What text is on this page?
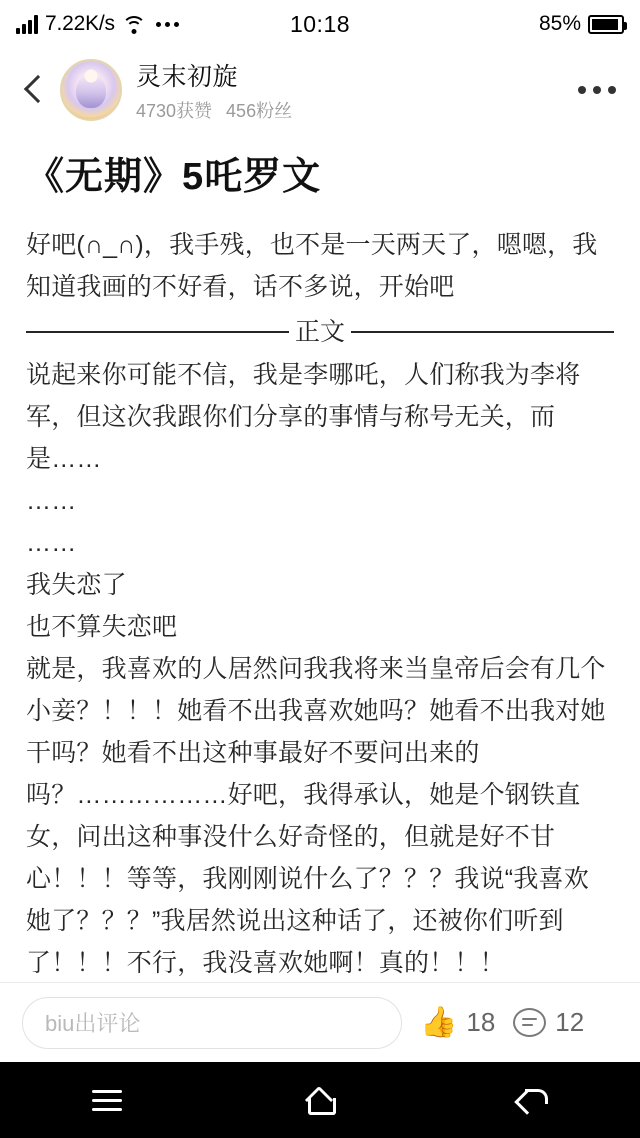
7.22K/s	10:18	85%
灵末初旋
4730获赞 456粉丝
《无期》5吒罗文
好吧(∩_∩)，我手残，也不是一天两天了，嗯嗯，我知道我画的不好看，话不多说，开始吧
正文
说起来你可能不信，我是李哪吒，人们称我为李将军，但这次我跟你们分享的事情与称号无关，而是……
……
……
我失恋了
也不算失恋吧
就是，我喜欢的人居然问我我将来当皇帝后会有几个小妾？！！！她看不出我喜欢她吗？她看不出我对她干吗？她看不出这种事最好不要问出来的吗？………………好吧，我得承认，她是个钢铁直女，问出这种事没什么好奇怪的，但就是好不甘心！！！等等，我刚刚说什么了？？？我说“我喜欢她了？？？”我居然说出这种话了，还被你们听到了！！！不行，我没喜欢她啊！真的！！！
biu出评论	👍 18 12
